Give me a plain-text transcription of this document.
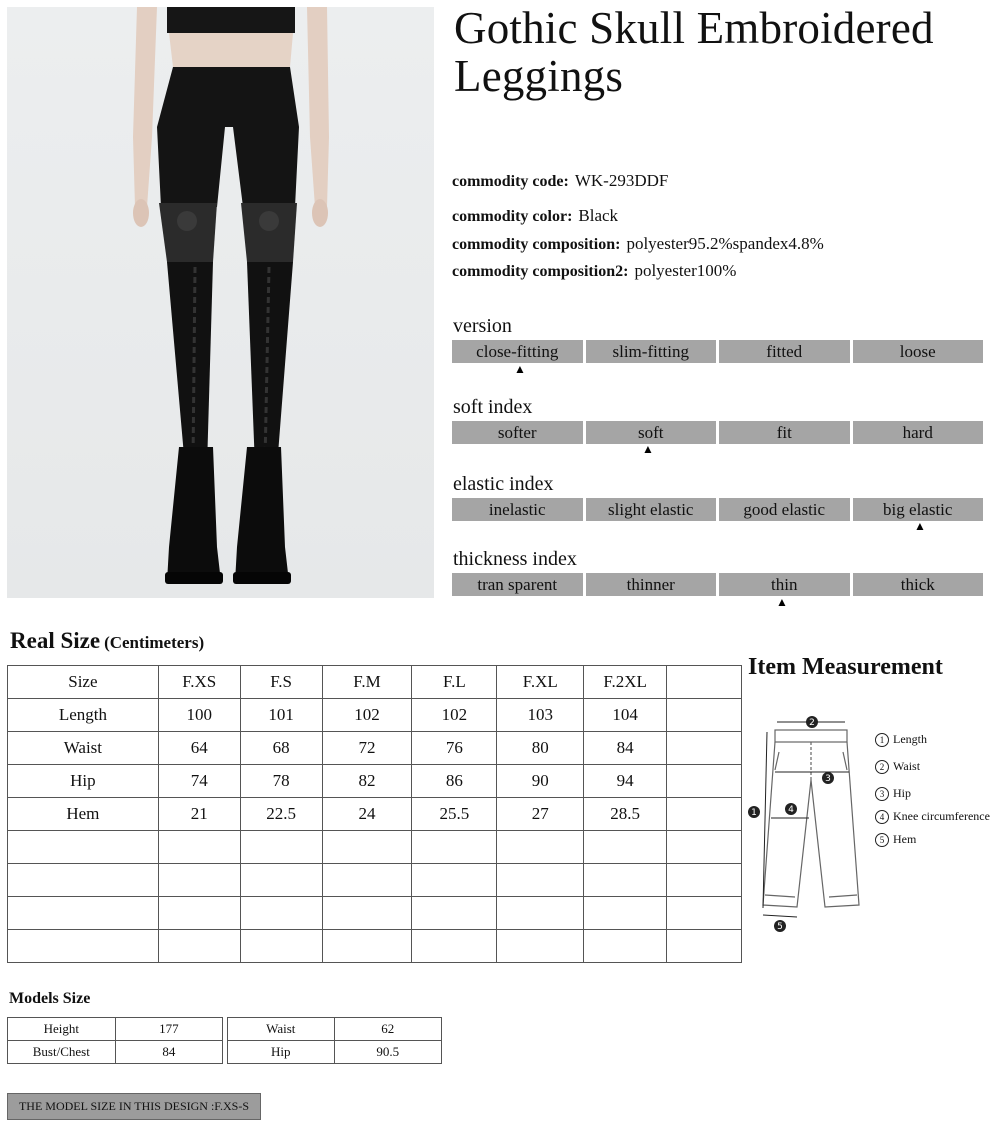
Gothic Skull Embroidered Leggings
commodity code: WK-293DDF
commodity color: Black
commodity composition: polyester95.2%spandex4.8%
commodity composition2: polyester100%
version
close-fitting	slim-fitting	fitted	loose
▲
soft index
softer	soft	fit	hard
▲
elastic index
inelastic	slight elastic	good elastic	big elastic
▲
thickness index
tran sparent	thinner	thin	thick
▲
Real Size (Centimeters)
Size	F.XS	F.S	F.M	F.L	F.XL	F.2XL	
Length	100	101	102	102	103	104	
Waist	64	68	72	76	80	84	
Hip	74	78	82	86	90	94	
Hem	21	22.5	24	25.5	27	28.5	

Item Measurement
2
1
3
4
5
1 Length
2 Waist
3 Hip
4 Knee circumference
5 Hem
Models Size
Height	177
Bust/Chest	84
Waist	62
Hip	90.5
THE MODEL SIZE IN THIS DESIGN :F.XS-S
